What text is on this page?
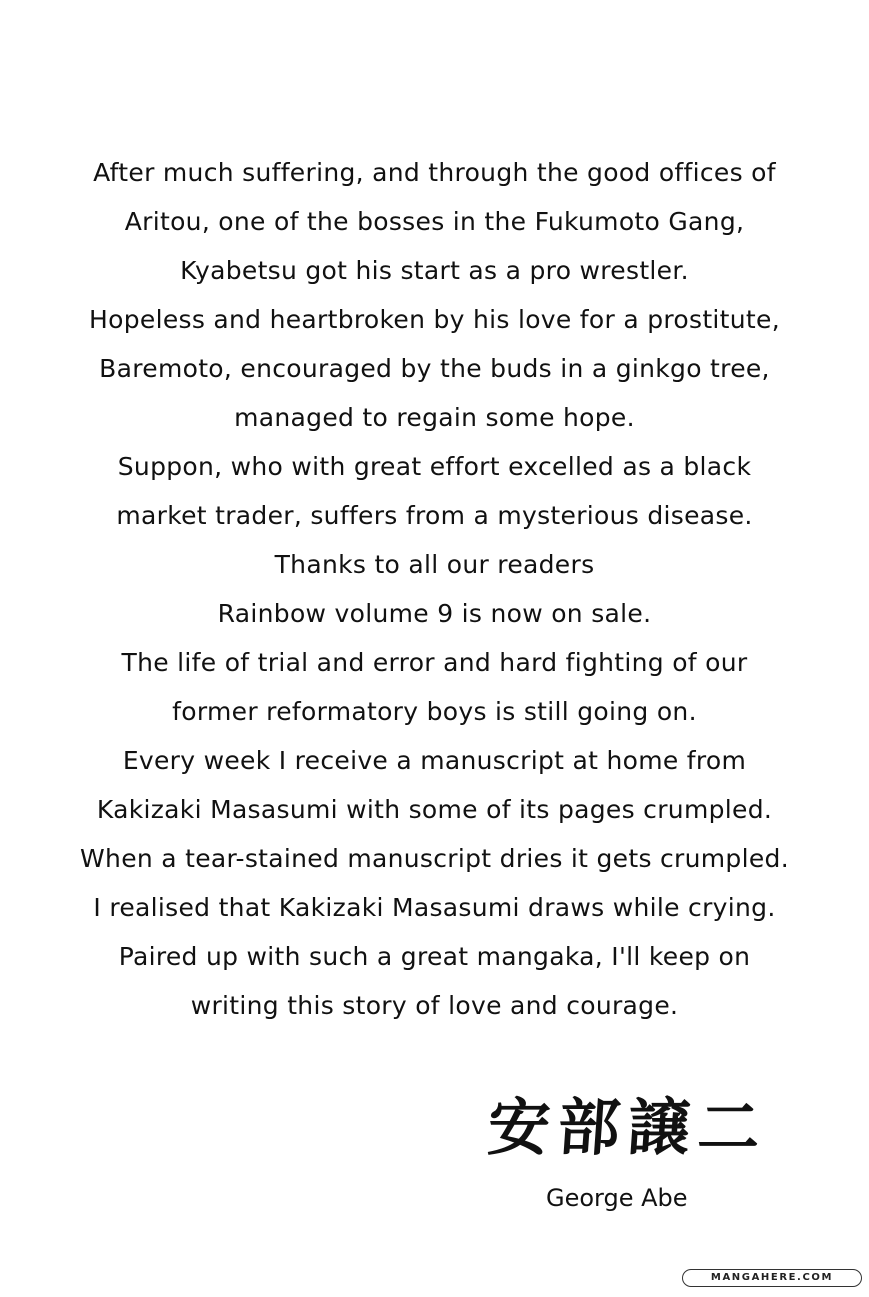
After much suffering, and through the good offices of
Aritou, one of the bosses in the Fukumoto Gang,
Kyabetsu got his start as a pro wrestler.
Hopeless and heartbroken by his love for a prostitute,
Baremoto, encouraged by the buds in a ginkgo tree,
managed to regain some hope.
Suppon, who with great effort excelled as a black
market trader, suffers from a mysterious disease.
Thanks to all our readers
Rainbow volume 9 is now on sale.
The life of trial and error and hard fighting of our
former reformatory boys is still going on.
Every week I receive a manuscript at home from
Kakizaki Masasumi with some of its pages crumpled.
When a tear-stained manuscript dries it gets crumpled.
I realised that Kakizaki Masasumi draws while crying.
Paired up with such a great mangaka, I'll keep on
writing this story of love and courage.
安部譲二
George Abe
MANGAHERE.COM
